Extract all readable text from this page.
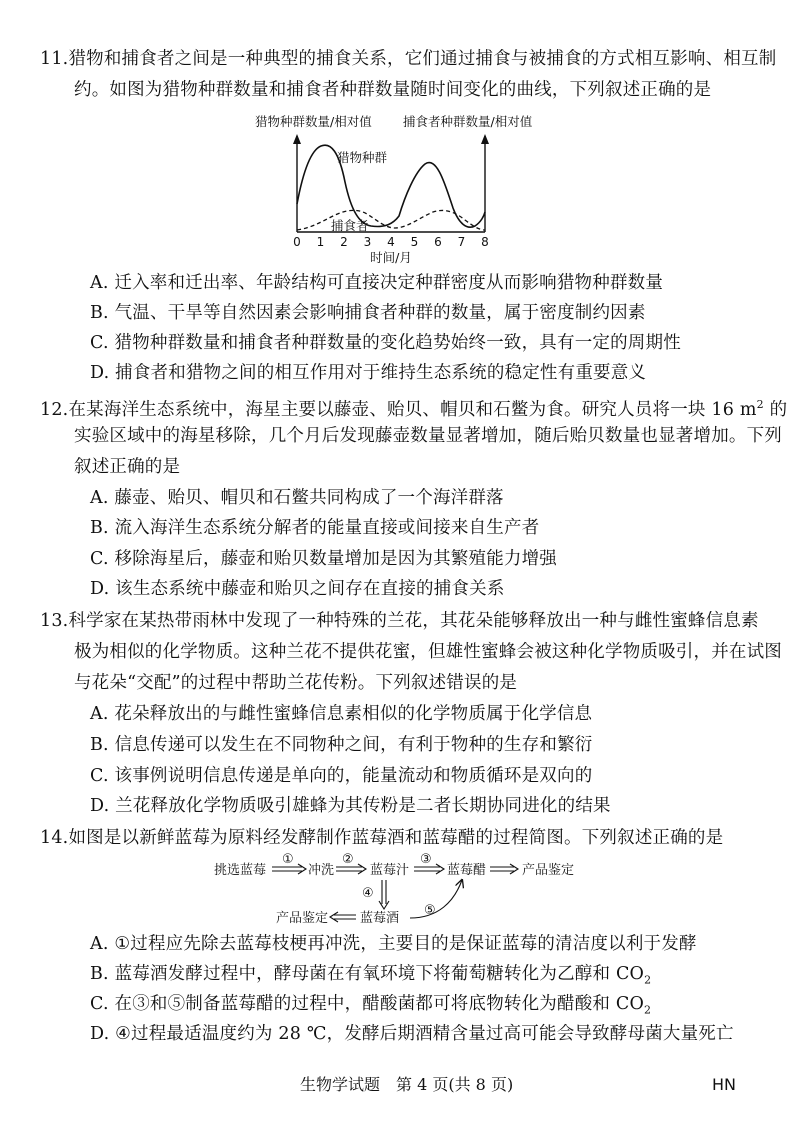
11.猎物和捕食者之间是一种典型的捕食关系，它们通过捕食与被捕食的方式相互影响、相互制
约。如图为猎物种群数量和捕食者种群数量随时间变化的曲线，下列叙述正确的是
猎物种群数量/相对值	捕食者种群数量/相对值
猎物种群
捕食者
0 1 2 3 4 5 6 7 8
时间/月
A. 迁入率和迁出率、年龄结构可直接决定种群密度从而影响猎物种群数量
B. 气温、干旱等自然因素会影响捕食者种群的数量，属于密度制约因素
C. 猎物种群数量和捕食者种群数量的变化趋势始终一致，具有一定的周期性
D. 捕食者和猎物之间的相互作用对于维持生态系统的稳定性有重要意义
12.在某海洋生态系统中，海星主要以藤壶、贻贝、帽贝和石鳖为食。研究人员将一块 16 $m^2$ 的
实验区域中的海星移除，几个月后发现藤壶数量显著增加，随后贻贝数量也显著增加。下列
叙述正确的是
A. 藤壶、贻贝、帽贝和石鳖共同构成了一个海洋群落
B. 流入海洋生态系统分解者的能量直接或间接来自生产者
C. 移除海星后，藤壶和贻贝数量增加是因为其繁殖能力增强
D. 该生态系统中藤壶和贻贝之间存在直接的捕食关系
13.科学家在某热带雨林中发现了一种特殊的兰花，其花朵能够释放出一种与雌性蜜蜂信息素
极为相似的化学物质。这种兰花不提供花蜜，但雄性蜜蜂会被这种化学物质吸引，并在试图
与花朵“交配”的过程中帮助兰花传粉。下列叙述错误的是
A. 花朵释放出的与雌性蜜蜂信息素相似的化学物质属于化学信息
B. 信息传递可以发生在不同物种之间，有利于物种的生存和繁衍
C. 该事例说明信息传递是单向的，能量流动和物质循环是双向的
D. 兰花释放化学物质吸引雄蜂为其传粉是二者长期协同进化的结果
14.如图是以新鲜蓝莓为原料经发酵制作蓝莓酒和蓝莓醋的过程简图。下列叙述正确的是
挑选蓝莓	冲洗	蓝莓汁	蓝莓醋	产品鉴定
产品鉴定 蓝莓酒
①	②	③
④
⑤
A. ①过程应先除去蓝莓枝梗再冲洗，主要目的是保证蓝莓的清洁度以利于发酵
B. 蓝莓酒发酵过程中，酵母菌在有氧环境下将葡萄糖转化为乙醇和 $CO_2$
C. 在③和⑤制备蓝莓醋的过程中，醋酸菌都可将底物转化为醋酸和 $CO_2$
D. ④过程最适温度约为 28 ℃，发酵后期酒精含量过高可能会导致酵母菌大量死亡
生物学试题　第 4 页(共 8 页)	HN
